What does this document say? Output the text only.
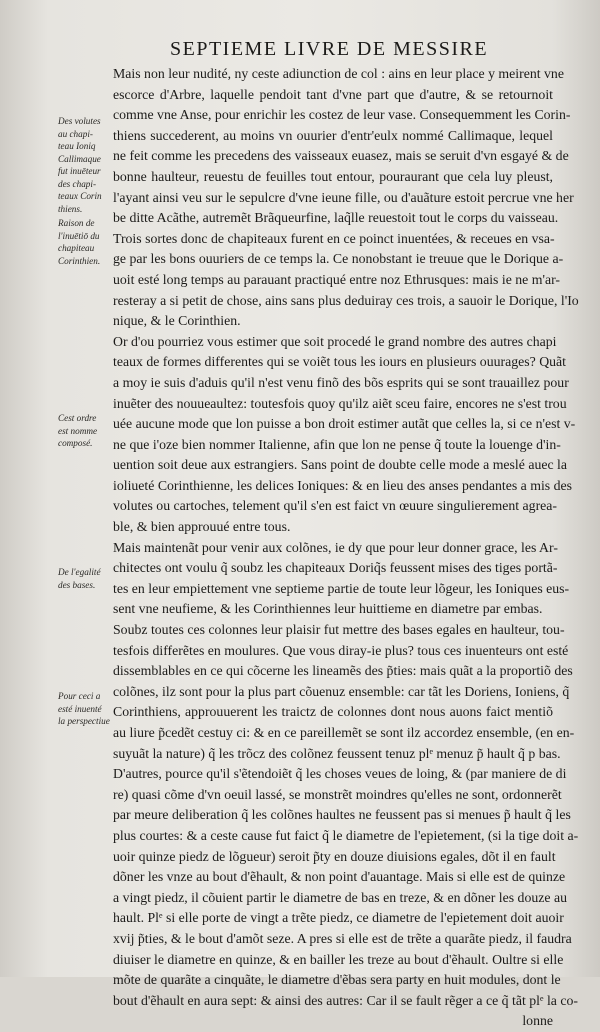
SEPTIEME LIVRE DE MESSIRE
Des volutes
au chapi-
teau Ioniq
Callimaque
fut inuēteur
des chapi-
teaux Corin
thiens.
Raison de
l'inuētiō du
chapiteau
Corinthien.
Cest ordre
est nomme
composé.
De l'egalité
des bases.
Pour ceci a
esté inuenté
la perspectiue
Mais non leur nudité, ny ceste adiunction de col : ains en leur place y meirent vne
escorce d'Arbre, laquelle pendoit tant d'vne part que d'autre, & se retournoit
comme vne Anse, pour enrichir les costez de leur vase. Consequemment les Corin-
thiens succederent, au moins vn ouurier d'entr'eulx nommé Callimaque, lequel
ne feit comme les precedens des vaisseaux euasez, mais se seruit d'vn esgayé & de
bonne haulteur, reuestu de feuilles tout entour, pouraurant que cela luy pleust,
l'ayant ainsi veu sur le sepulcre d'vne ieune fille, ou d'auãture estoit percrue vne her
be ditte Acãthe, autremẽt Brãqueurfine, laq̃lle reuestoit tout le corps du vaisseau.
Trois sortes donc de chapiteaux furent en ce poinct inuentées, & receues en vsa-
ge par les bons ouuriers de ce temps la. Ce nonobstant ie treuue que le Dorique a-
uoit esté long temps au parauant practiqué entre noz Ethrusques: mais ie ne m'ar-
resteray a si petit de chose, ains sans plus deduiray ces trois, a sauoir le Dorique, l'Io
nique, & le Corinthien.
Or d'ou pourriez vous estimer que soit procedé le grand nombre des autres chapi
teaux de formes differentes qui se voiẽt tous les iours en plusieurs ouurages? Quãt
a moy ie suis d'aduis qu'il n'est venu finõ des bõs esprits qui se sont trauaillez pour
inuẽter des nouueaultez: toutesfois quoy qu'ilz aiẽt sceu faire, encores ne s'est trou
uée aucune mode que lon puisse a bon droit estimer autãt que celles la, si ce n'est v-
ne que i'oze bien nommer Italienne, afin que lon ne pense q̃ toute la louenge d'in-
uention soit deue aux estrangiers. Sans point de doubte celle mode a meslé auec la
ioliueté Corinthienne, les delices Ioniques: & en lieu des anses pendantes a mis des
volutes ou cartoches, telement qu'il s'en est faict vn œuure singulierement agrea-
ble, & bien approuué entre tous.
Mais maintenãt pour venir aux colõnes, ie dy que pour leur donner grace, les Ar-
chitectes ont voulu q̃ soubz les chapiteaux Doriq̃s feussent mises des tiges portã-
tes en leur empiettement vne septieme partie de toute leur lõgeur, les Ioniques eus-
sent vne neufieme, & les Corinthiennes leur huittieme en diametre par embas.
Soubz toutes ces colonnes leur plaisir fut mettre des bases egales en haulteur, tou-
tesfois differẽtes en moulures. Que vous diray-ie plus? tous ces inuenteurs ont esté
dissemblables en ce qui cõcerne les lineamẽs des p̃ties: mais quãt a la proportiõ des
colõnes, ilz sont pour la plus part cõuenuz ensemble: car tãt les Doriens, Ioniens, q̃
Corinthiens, approuuerent les traictz de colonnes dont nous auons faict mentiõ
au liure p̃cedẽt cestuy ci: & en ce pareillemẽt se sont ilz accordez ensemble, (en en-
suyuãt la nature) q̃ les trõcz des colõnez feussent tenuz plᵉ menuz p̃ hault q̃ p bas.
D'autres, pource qu'il s'ẽtendoiẽt q̃ les choses veues de loing, & (par maniere de di
re) quasi cõme d'vn oeuil lassé, se monstrẽt moindres qu'elles ne sont, ordonnerẽt
par meure deliberation q̃ les colõnes haultes ne feussent pas si menues p̃ hault q̃ les
plus courtes: & a ceste cause fut faict q̃ le diametre de l'epietement, (si la tige doit a-
uoir quinze piedz de lõgueur) seroit p̃ty en douze diuisions egales, dõt il en fault
dõner les vnze au bout d'ẽhault, & non point d'auantage. Mais si elle est de quinze
a vingt piedz, il cõuient partir le diametre de bas en treze, & en dõner les douze au
hault. Plᵉ si elle porte de vingt a trẽte piedz, ce diametre de l'epietement doit auoir
xvij p̃ties, & le bout d'amõt seze. A pres si elle est de trẽte a quarãte piedz, il faudra
diuiser le diametre en quinze, & en bailler les treze au bout d'ẽhault. Oultre si elle
mõte de quarãte a cinquãte, le diametre d'ẽbas sera party en huit modules, dont le
bout d'ẽhault en aura sept: & ainsi des autres: Car il se fault rẽger a ce q̃ tãt plᵉ la co-
lonne
